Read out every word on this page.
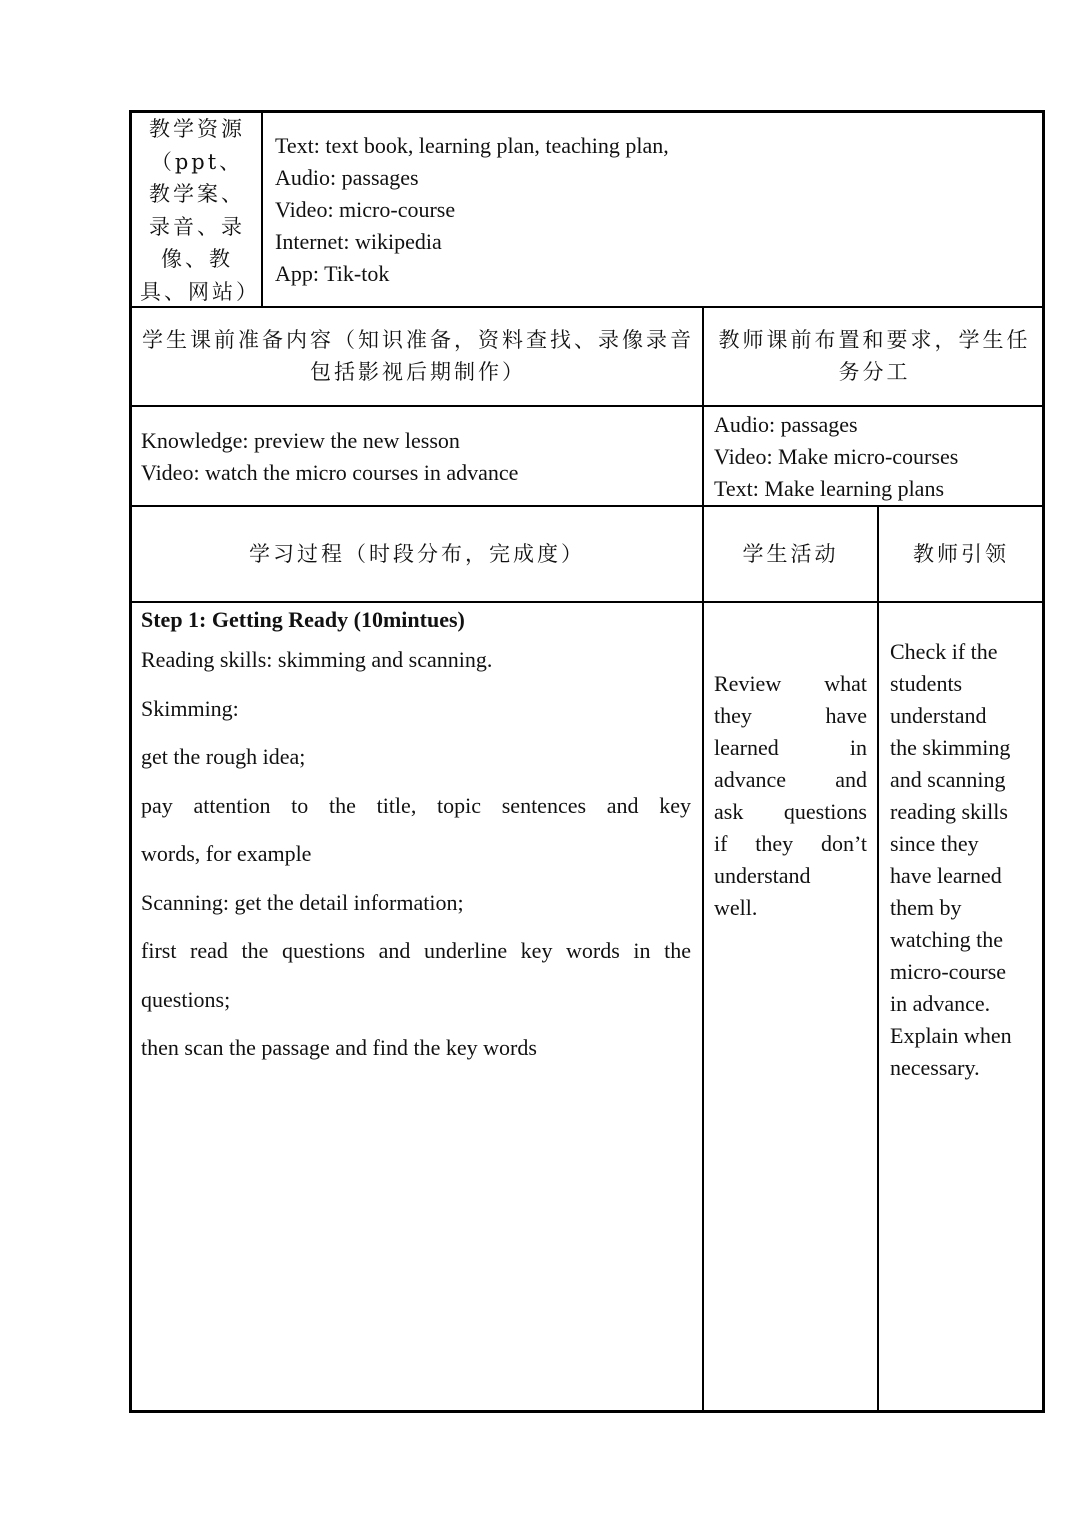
教学资源（ppt、教学案、录音、录像、教具、网站）

Text: text book, learning plan, teaching plan,

Audio: passages

Video: micro-course

Internet: wikipedia

App: Tik-tok

学生课前准备内容（知识准备，资料查找、录像录音包括影视后期制作）
教师课前布置和要求，学生任务分工

Knowledge: preview the new lesson

Video: watch the micro courses in advance

Audio: passages

Video: Make micro-courses

Text: Make learning plans

学习过程（时段分布，完成度）	学生活动	教师引领

Step 1: Getting Ready (10mintues)

Reading skills: skimming and scanning.

Skimming:

get the rough idea;

pay attention to the title, topic sentences and key

words, for example

Scanning: get the detail information;

first read the questions and underline key words in the

questions;

then scan the passage and find the key words

Review what

they have

learned in

advance and

ask questions

if they don’t

understand

well.

Check if the

students

understand

the skimming

and scanning

reading skills

since they

have learned

them by

watching the

micro-course

in advance.

Explain when

necessary.
